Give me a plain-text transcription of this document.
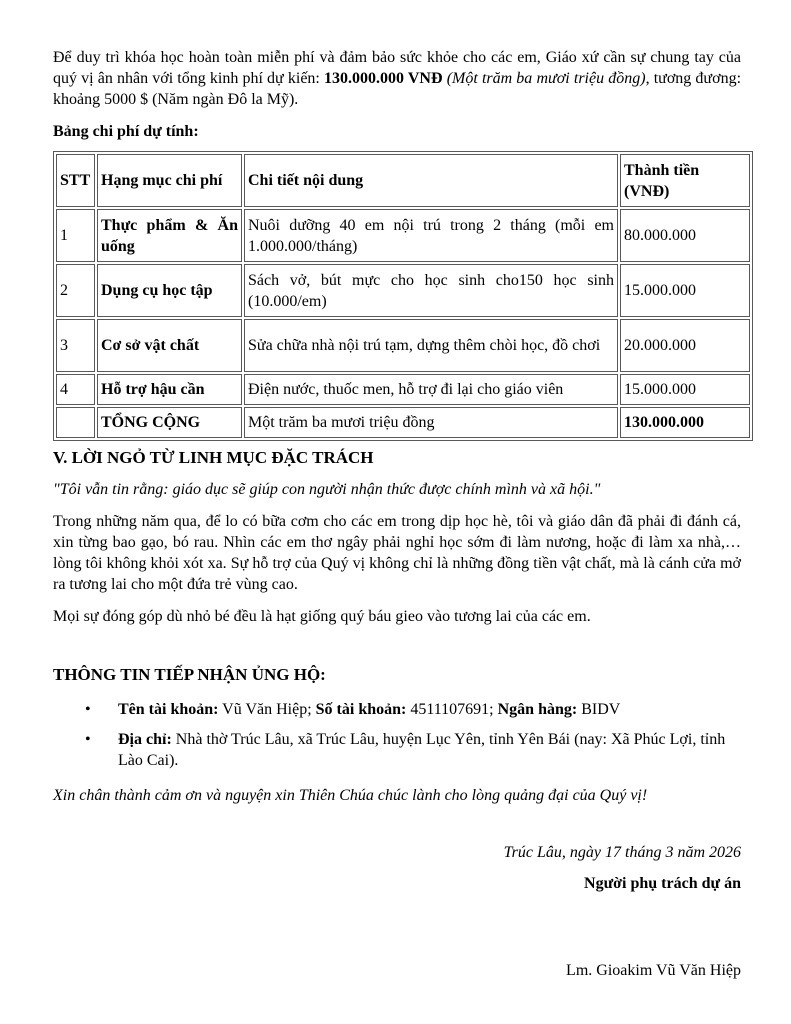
Để duy trì khóa học hoàn toàn miễn phí và đảm bảo sức khỏe cho các em, Giáo xứ cần sự chung tay của quý vị ân nhân với tổng kinh phí dự kiến: 130.000.000 VNĐ (Một trăm ba mươi triệu đồng), tương đương: khoảng 5000 $ (Năm ngàn Đô la Mỹ).

Bảng chi phí dự tính:

STT	Hạng mục chi phí	Chi tiết nội dung	Thành tiền (VNĐ)
1	Thực phẩm & Ăn uống	Nuôi dưỡng 40 em nội trú trong 2 tháng (mỗi em 1.000.000/tháng)	80.000.000
2	Dụng cụ học tập	Sách vở, bút mực cho học sinh cho150 học sinh (10.000/em)	15.000.000
3	Cơ sở vật chất	Sửa chữa nhà nội trú tạm, dựng thêm chòi học, đồ chơi	20.000.000
4	Hỗ trợ hậu cần	Điện nước, thuốc men, hỗ trợ đi lại cho giáo viên	15.000.000
	TỔNG CỘNG	Một trăm ba mươi triệu đồng	130.000.000
V. LỜI NGỎ TỪ LINH MỤC ĐẶC TRÁCH

"Tôi vẫn tin rằng: giáo dục sẽ giúp con người nhận thức được chính mình và xã hội."

Trong những năm qua, để lo có bữa cơm cho các em trong dịp học hè, tôi và giáo dân đã phải đi đánh cá, xin từng bao gạo, bó rau. Nhìn các em thơ ngây phải nghỉ học sớm đi làm nương, hoặc đi làm xa nhà,…lòng tôi không khỏi xót xa. Sự hỗ trợ của Quý vị không chỉ là những đồng tiền vật chất, mà là cánh cửa mở ra tương lai cho một đứa trẻ vùng cao.

Mọi sự đóng góp dù nhỏ bé đều là hạt giống quý báu gieo vào tương lai của các em.

THÔNG TIN TIẾP NHẬN ỦNG HỘ:
• Tên tài khoản: Vũ Văn Hiệp; Số tài khoản: 4511107691; Ngân hàng: BIDV
• Địa chỉ: Nhà thờ Trúc Lâu, xã Trúc Lâu, huyện Lục Yên, tỉnh Yên Bái (nay: Xã Phúc Lợi, tỉnh Lào Cai).

Xin chân thành cảm ơn và nguyện xin Thiên Chúa chúc lành cho lòng quảng đại của Quý vị!

Trúc Lâu, ngày 17 tháng 3 năm 2026
Người phụ trách dự án
Lm. Gioakim Vũ Văn Hiệp
